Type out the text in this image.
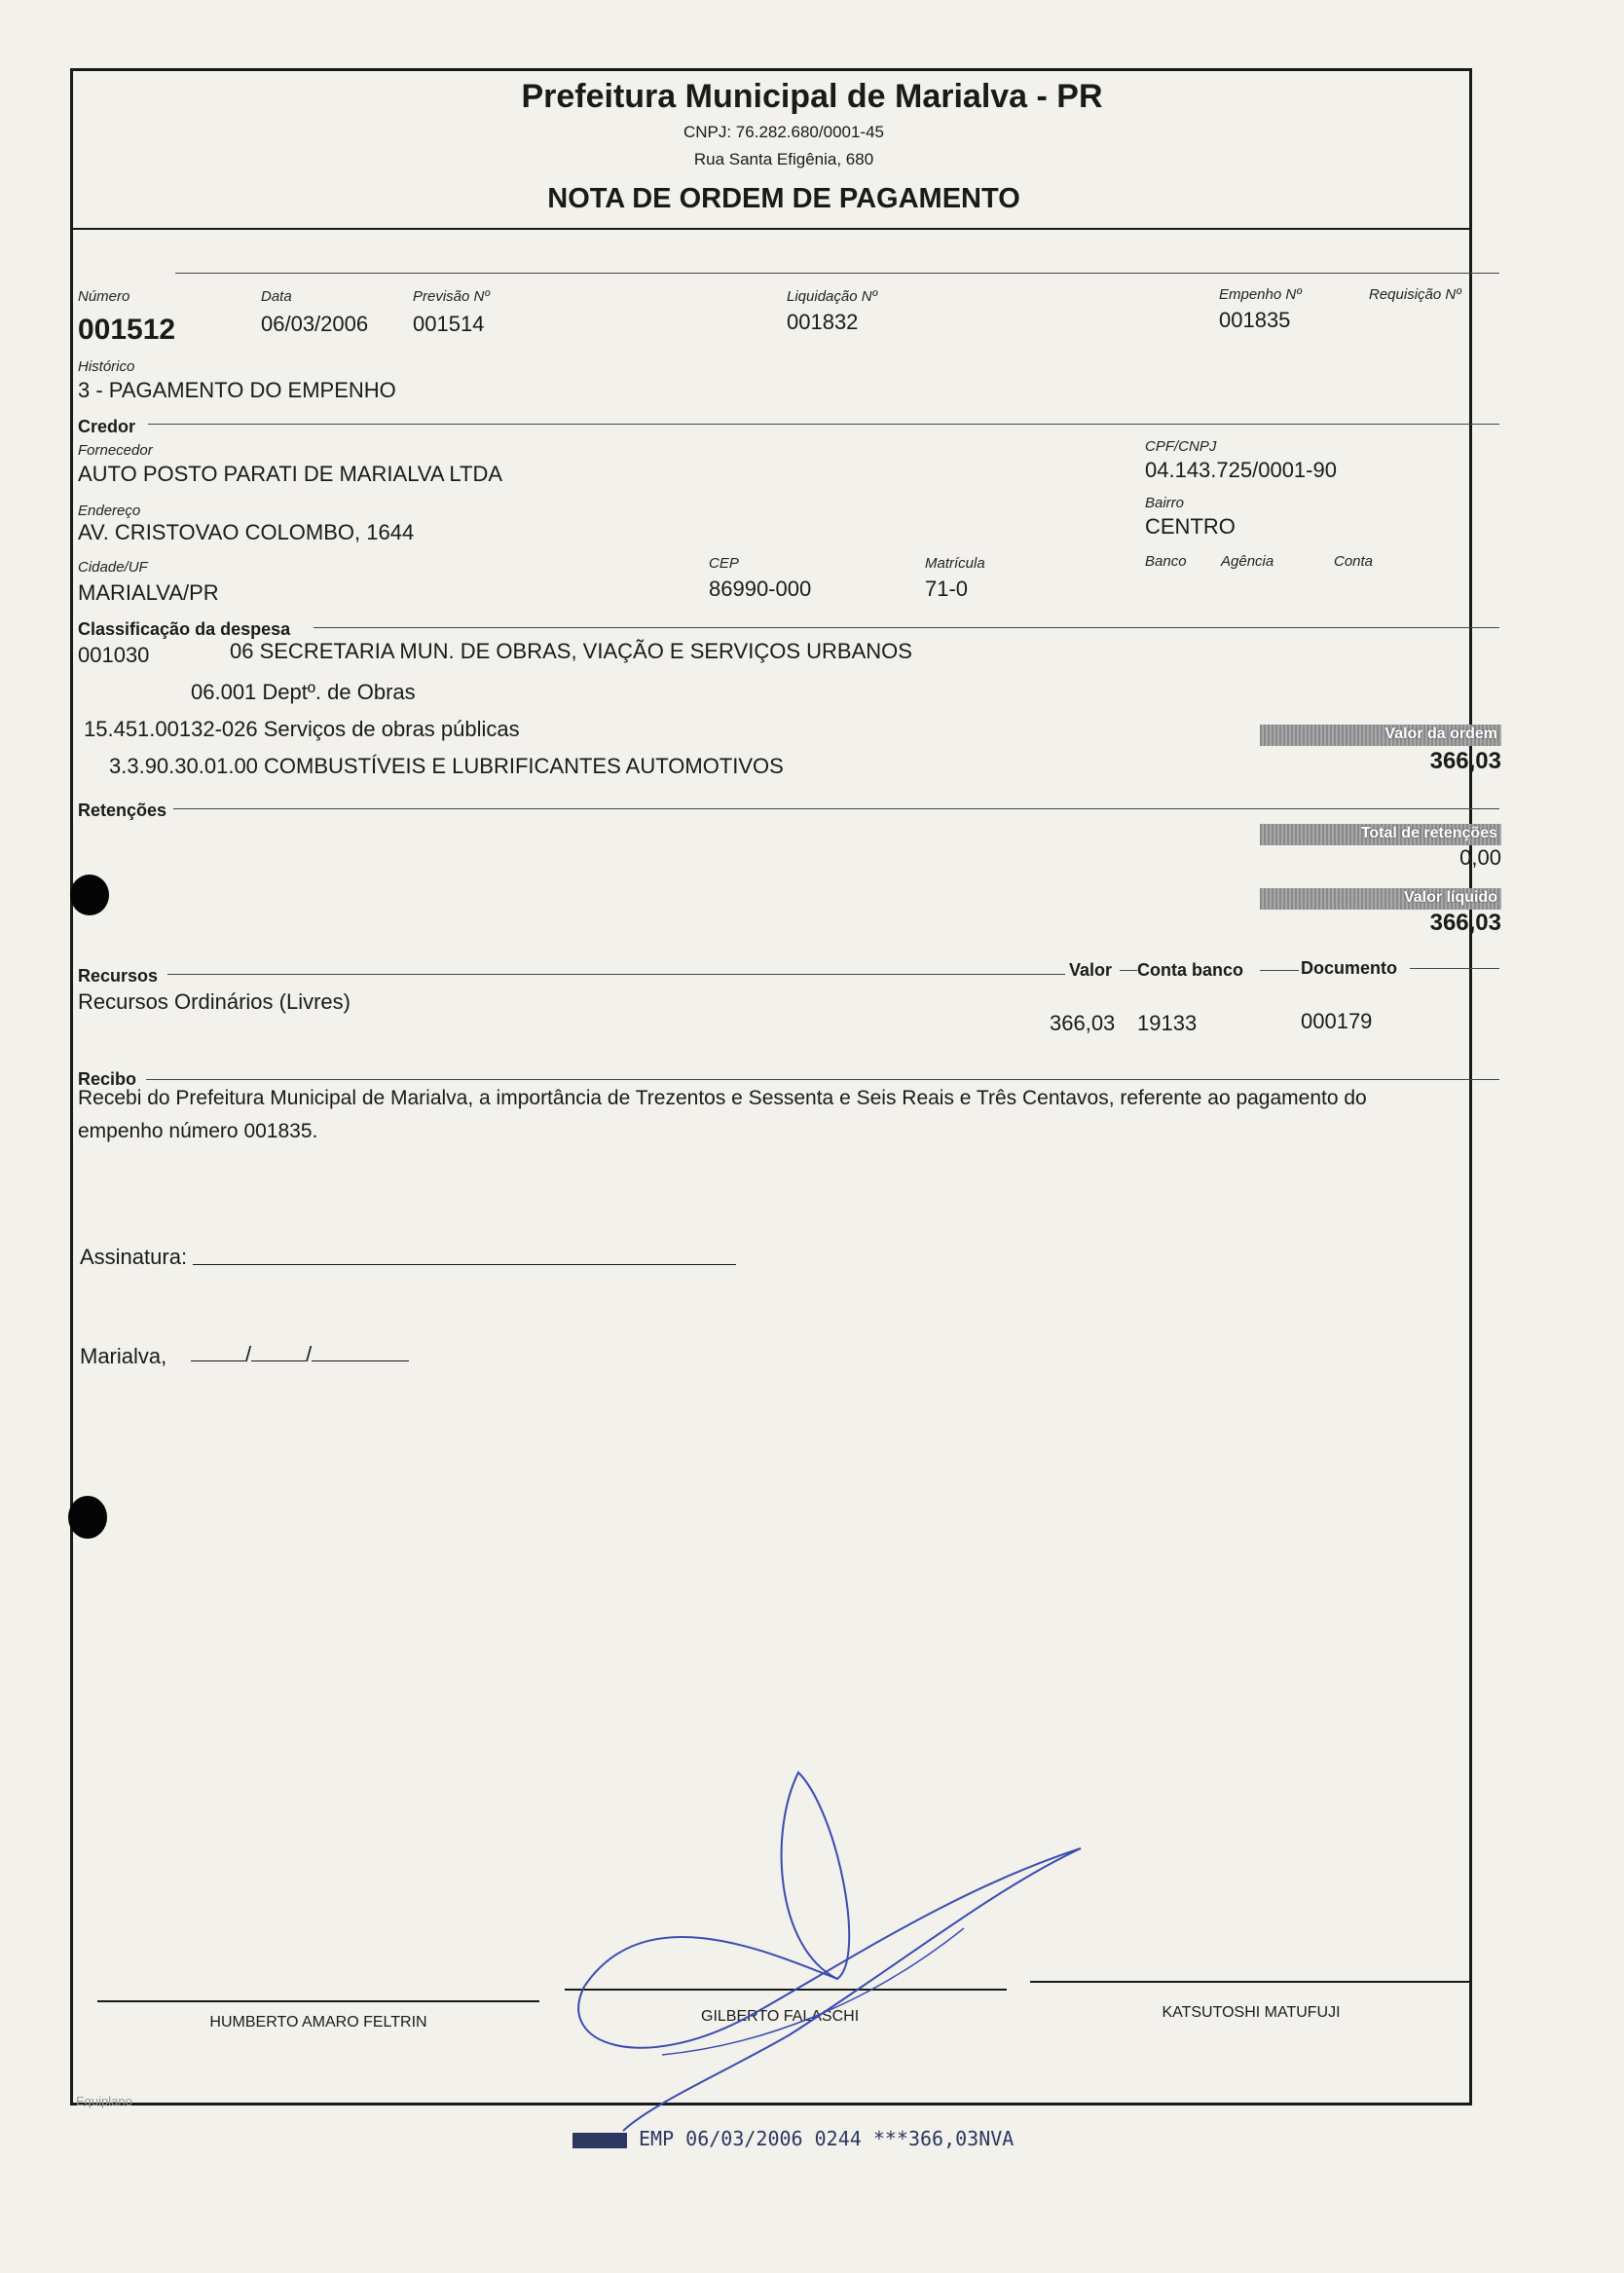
Prefeitura Municipal de Marialva - PR
CNPJ: 76.282.680/0001-45
Rua Santa Efigênia, 680
NOTA DE ORDEM DE PAGAMENTO
Número
001512
Data
06/03/2006
Previsão Nº
001514
Liquidação Nº
001832
Empenho Nº
001835
Requisição Nº
Histórico
3 - PAGAMENTO DO EMPENHO
Credor
Fornecedor
AUTO POSTO PARATI DE MARIALVA LTDA
CPF/CNPJ
04.143.725/0001-90
Endereço
AV. CRISTOVAO COLOMBO, 1644
Bairro
CENTRO
Cidade/UF
MARIALVA/PR
CEP
86990-000
Matrícula
71-0
Banco Agência	Conta
Classificação da despesa
001030	06 SECRETARIA MUN. DE OBRAS, VIAÇÃO E SERVIÇOS URBANOS
06.001 Deptº. de Obras
15.451.00132-026 Serviços de obras públicas
3.3.90.30.01.00 COMBUSTÍVEIS E LUBRIFICANTES AUTOMOTIVOS
Valor da ordem
366,03
Retenções
Total de retenções
0,00
Valor líquido
366,03
Recursos	Valor Conta banco	Documento
Recursos Ordinários (Livres)
366,03 19133	000179
Recibo
Recebi do Prefeitura Municipal de Marialva, a importância de Trezentos e Sessenta e Seis Reais e Três Centavos, referente ao pagamento do
empenho número 001835.
Assinatura:
Marialva,	/	/
HUMBERTO AMARO FELTRIN	GILBERTO FALASCHI	KATSUTOSHI MATUFUJI
Equiplano
EMP 06/03/2006 0244 ***366,03NVA
